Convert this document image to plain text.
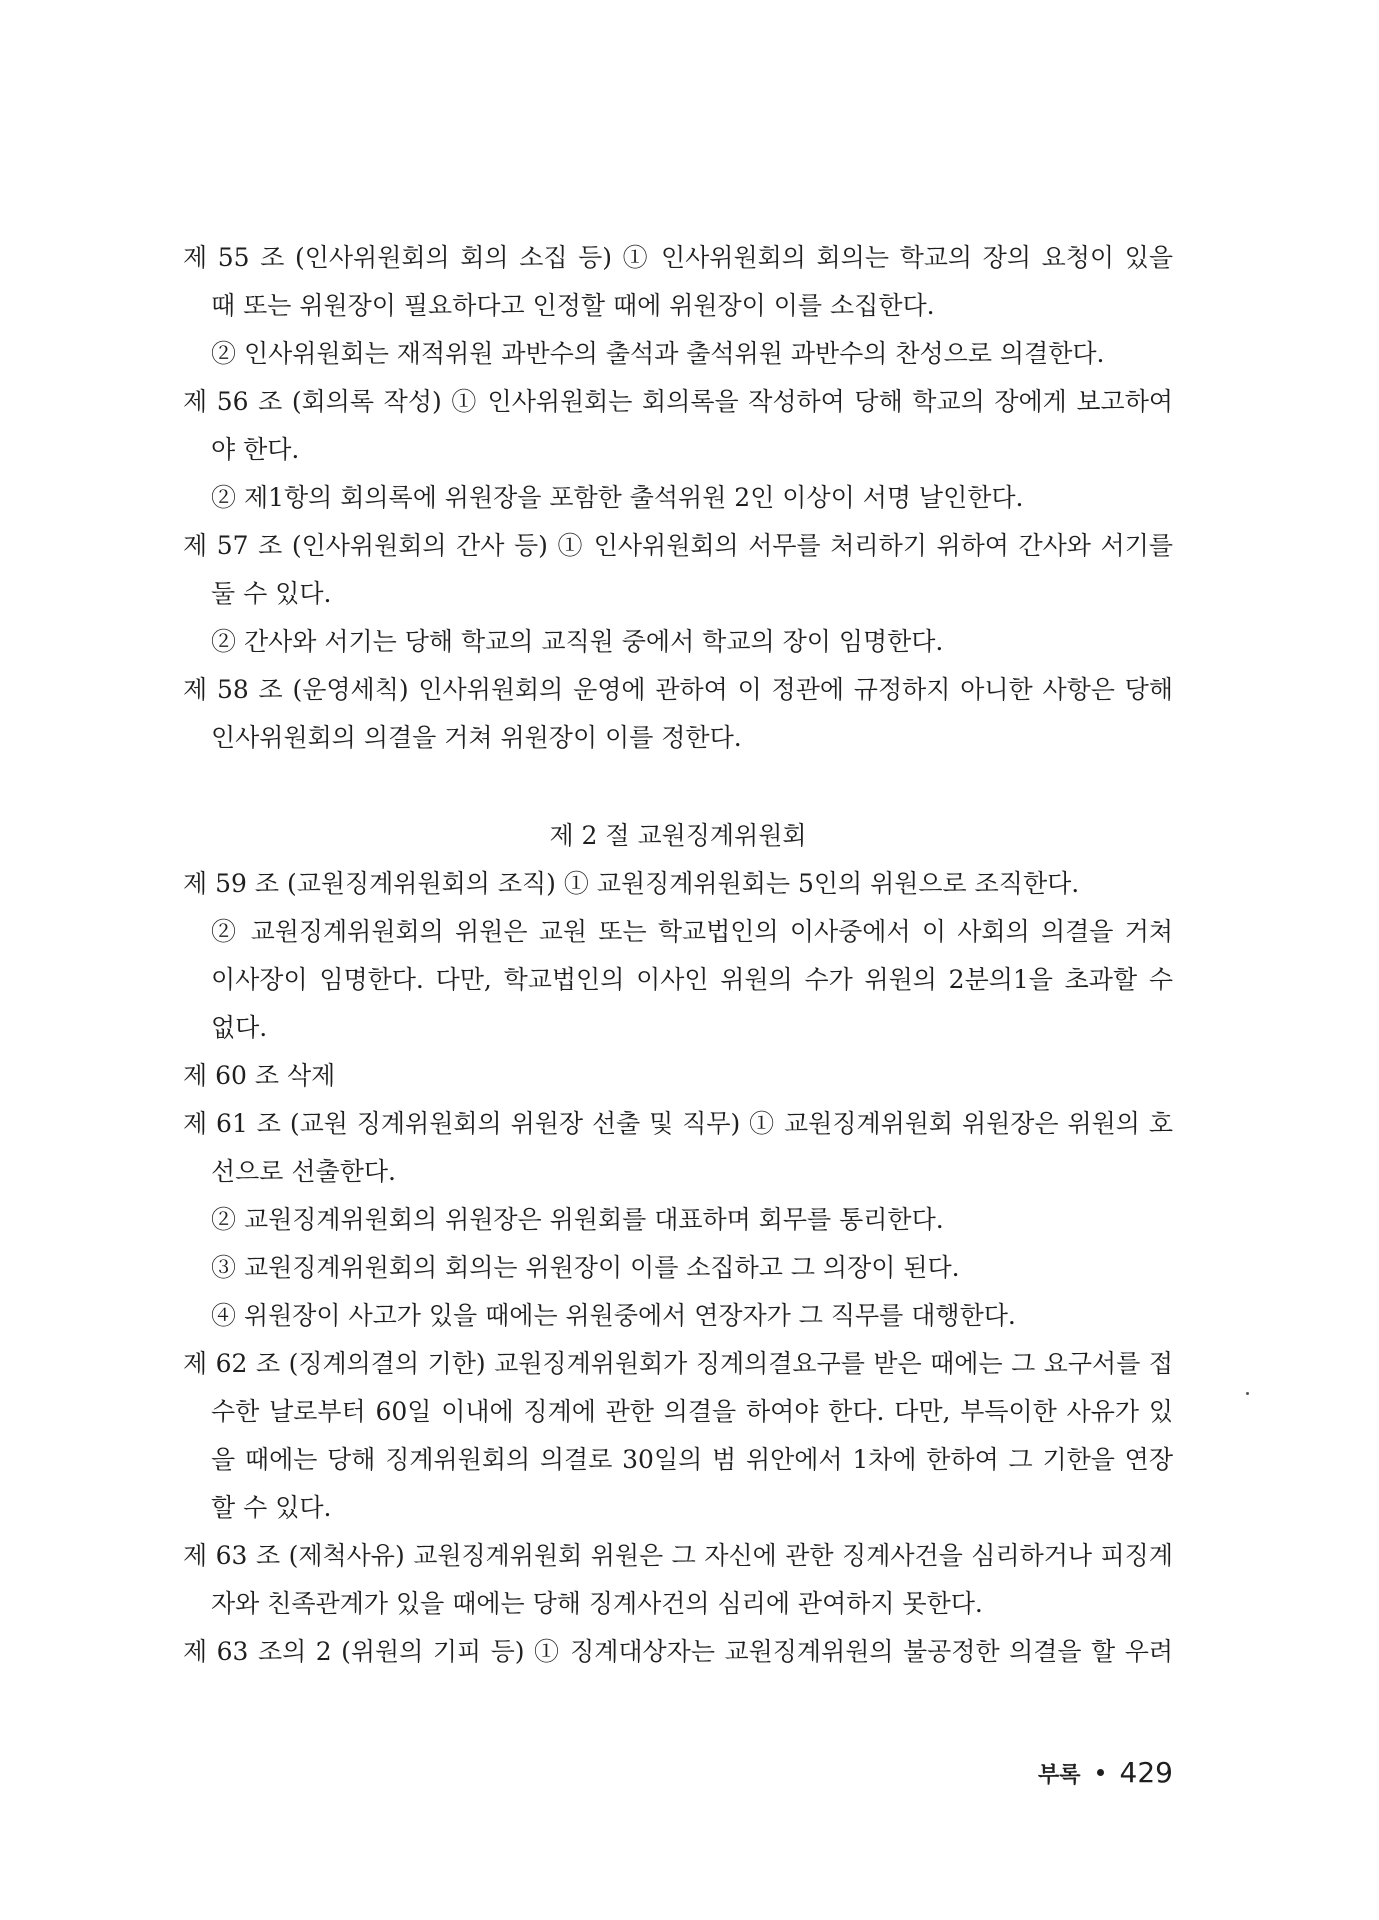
제 55 조 (인사위원회의 회의 소집 등) ① 인사위원회의 회의는 학교의 장의 요청이 있을
때 또는 위원장이 필요하다고 인정할 때에 위원장이 이를 소집한다.
② 인사위원회는 재적위원 과반수의 출석과 출석위원 과반수의 찬성으로 의결한다.
제 56 조 (회의록 작성) ① 인사위원회는 회의록을 작성하여 당해 학교의 장에게 보고하여
야 한다.
② 제1항의 회의록에 위원장을 포함한 출석위원 2인 이상이 서명 날인한다.
제 57 조 (인사위원회의 간사 등) ① 인사위원회의 서무를 처리하기 위하여 간사와 서기를
둘 수 있다.
② 간사와 서기는 당해 학교의 교직원 중에서 학교의 장이 임명한다.
제 58 조 (운영세칙) 인사위원회의 운영에 관하여 이 정관에 규정하지 아니한 사항은 당해
인사위원회의 의결을 거쳐 위원장이 이를 정한다.
제 2 절 교원징계위원회
제 59 조 (교원징계위원회의 조직) ① 교원징계위원회는 5인의 위원으로 조직한다.
② 교원징계위원회의 위원은 교원 또는 학교법인의 이사중에서 이 사회의 의결을 거쳐
이사장이 임명한다. 다만, 학교법인의 이사인 위원의 수가 위원의 2분의1을 초과할 수
없다.
제 60 조 삭제
제 61 조 (교원 징계위원회의 위원장 선출 및 직무) ① 교원징계위원회 위원장은 위원의 호
선으로 선출한다.
② 교원징계위원회의 위원장은 위원회를 대표하며 회무를 통리한다.
③ 교원징계위원회의 회의는 위원장이 이를 소집하고 그 의장이 된다.
④ 위원장이 사고가 있을 때에는 위원중에서 연장자가 그 직무를 대행한다.
제 62 조 (징계의결의 기한) 교원징계위원회가 징계의결요구를 받은 때에는 그 요구서를 접
수한 날로부터 60일 이내에 징계에 관한 의결을 하여야 한다. 다만, 부득이한 사유가 있
을 때에는 당해 징계위원회의 의결로 30일의 범 위안에서 1차에 한하여 그 기한을 연장
할 수 있다.
제 63 조 (제척사유) 교원징계위원회 위원은 그 자신에 관한 징계사건을 심리하거나 피징계
자와 친족관계가 있을 때에는 당해 징계사건의 심리에 관여하지 못한다.
제 63 조의 2 (위원의 기피 등) ① 징계대상자는 교원징계위원의 불공정한 의결을 할 우려
부록 429
